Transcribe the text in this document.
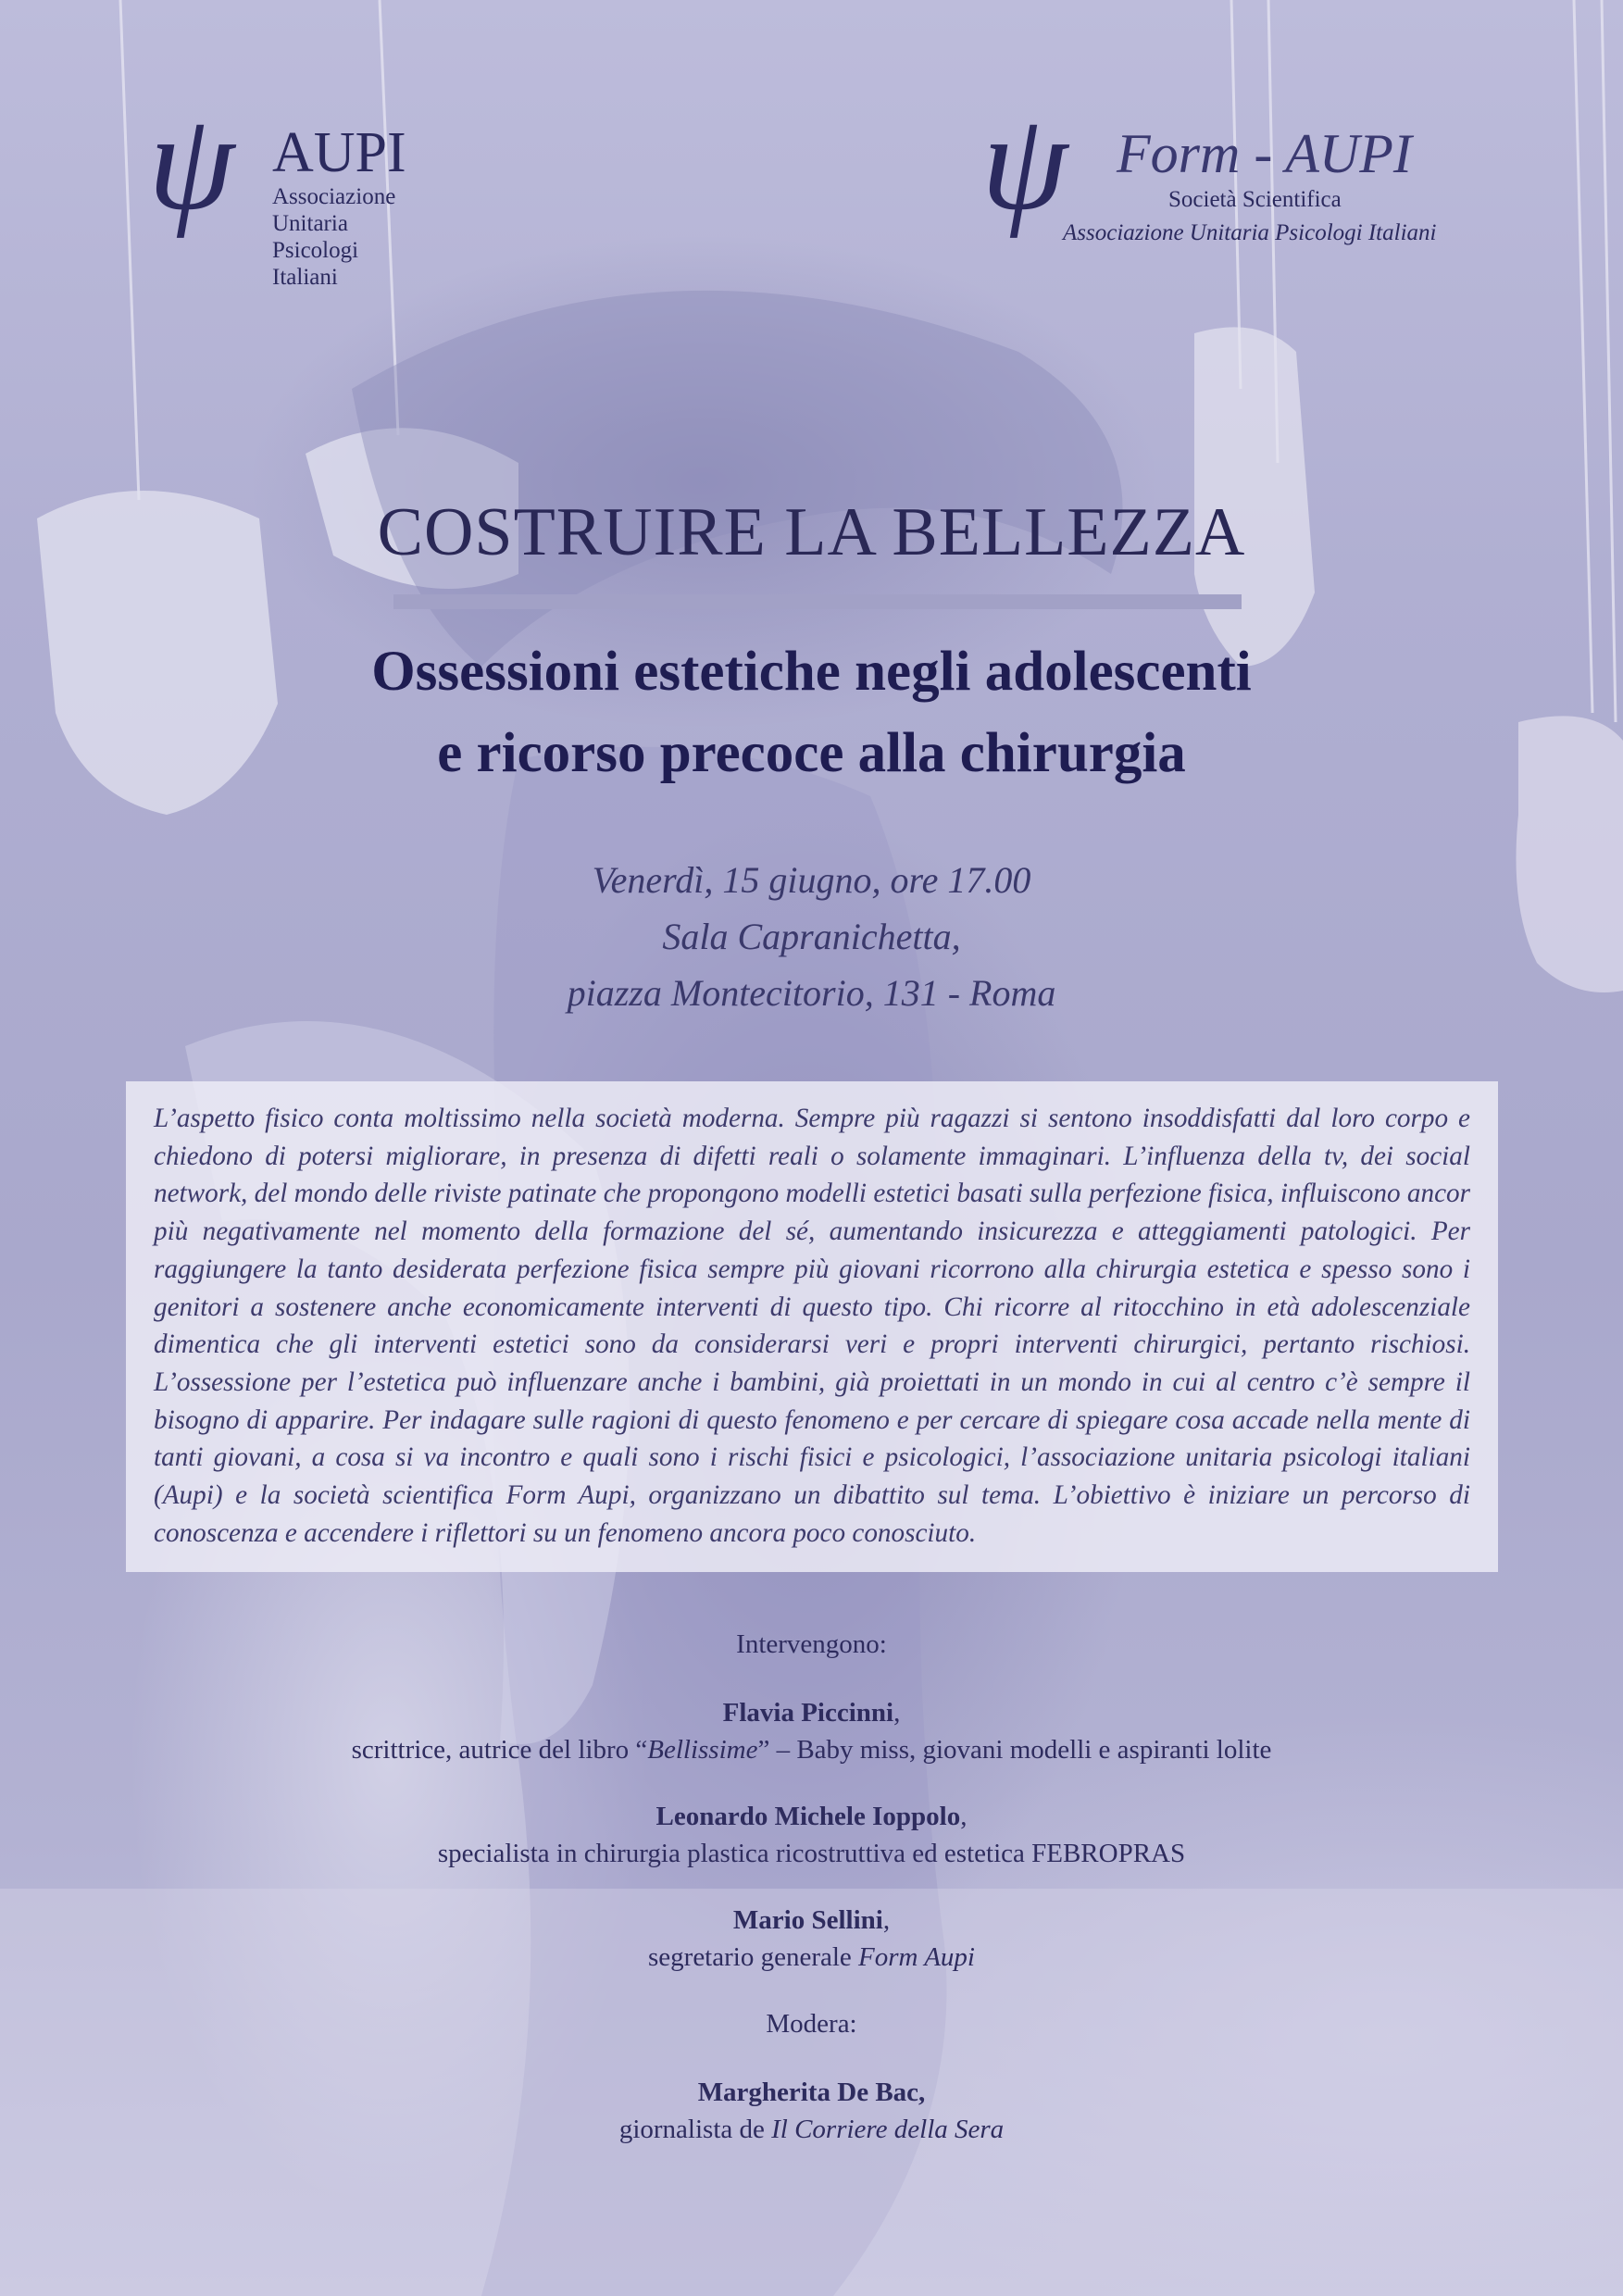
ψ AUPI
Associazione
Unitaria
Psicologi
Italiani
ψ Form - AUPI
Società Scientifica
Associazione Unitaria Psicologi Italiani
COSTRUIRE LA BELLEZZA
Ossessioni estetiche negli adolescenti
e ricorso precoce alla chirurgia
Venerdì, 15 giugno, ore 17.00
Sala Capranichetta,
piazza Montecitorio, 131 - Roma

L’aspetto fisico conta moltissimo nella società moderna. Sempre più ragazzi si sentono insoddisfatti dal loro corpo e chiedono di potersi migliorare, in presenza di difetti reali o solamente immaginari. L’influenza della tv, dei social network, del mondo delle riviste patinate che propongono modelli estetici basati sulla perfezione fisica, influiscono ancor più negativamente nel momento della formazione del sé, aumentando insicurezza e atteggiamenti patologici. Per raggiungere la tanto desiderata perfezione fisica sempre più giovani ricorrono alla chirurgia estetica e spesso sono i genitori a sostenere anche economicamente interventi di questo tipo. Chi ricorre al ritocchino in età adolescenziale dimentica che gli interventi estetici sono da considerarsi veri e propri interventi chirurgici, pertanto rischiosi. L’ossessione per l’estetica può influenzare anche i bambini, già proiettati in un mondo in cui al centro c’è sempre il bisogno di apparire. Per indagare sulle ragioni di questo fenomeno e per cercare di spiegare cosa accade nella mente di tanti giovani, a cosa si va incontro e quali sono i rischi fisici e psicologici, l’associazione unitaria psicologi italiani (Aupi) e la società scientifica Form Aupi, organizzano un dibattito sul tema. L’obiettivo è iniziare un percorso di conoscenza e accendere i riflettori su un fenomeno ancora poco conosciuto.

Intervengono:
Flavia Piccinni,
scrittrice, autrice del libro “Bellissime” – Baby miss, giovani modelli e aspiranti lolite
Leonardo Michele Ioppolo,
specialista in chirurgia plastica ricostruttiva ed estetica FEBROPRAS
Mario Sellini,
segretario generale Form Aupi
Modera:
Margherita De Bac,
giornalista de Il Corriere della Sera
